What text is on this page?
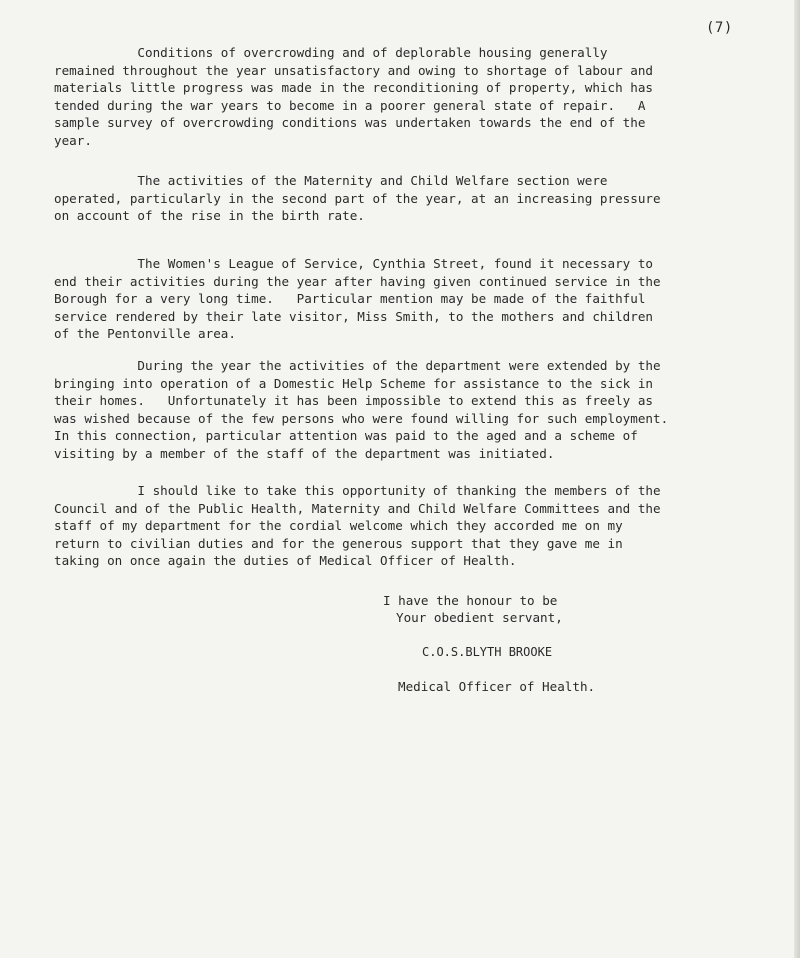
(7)

Conditions of overcrowding and of deplorable housing generally
remained throughout the year unsatisfactory and owing to shortage of labour and
materials little progress was made in the reconditioning of property, which has
tended during the war years to become in a poorer general state of repair.   A
sample survey of overcrowding conditions was undertaken towards the end of the
year.

The activities of the Maternity and Child Welfare section were
operated, particularly in the second part of the year, at an increasing pressure
on account of the rise in the birth rate.

The Women's League of Service, Cynthia Street, found it necessary to
end their activities during the year after having given continued service in the
Borough for a very long time.   Particular mention may be made of the faithful
service rendered by their late visitor, Miss Smith, to the mothers and children
of the Pentonville area.

During the year the activities of the department were extended by the
bringing into operation of a Domestic Help Scheme for assistance to the sick in
their homes.   Unfortunately it has been impossible to extend this as freely as
was wished because of the few persons who were found willing for such employment.
In this connection, particular attention was paid to the aged and a scheme of
visiting by a member of the staff of the department was initiated.

I should like to take this opportunity of thanking the members of the
Council and of the Public Health, Maternity and Child Welfare Committees and the
staff of my department for the cordial welcome which they accorded me on my
return to civilian duties and for the generous support that they gave me in
taking on once again the duties of Medical Officer of Health.

I have the honour to be

Your obedient servant,

C.O.S.BLYTH BROOKE

Medical Officer of Health.
